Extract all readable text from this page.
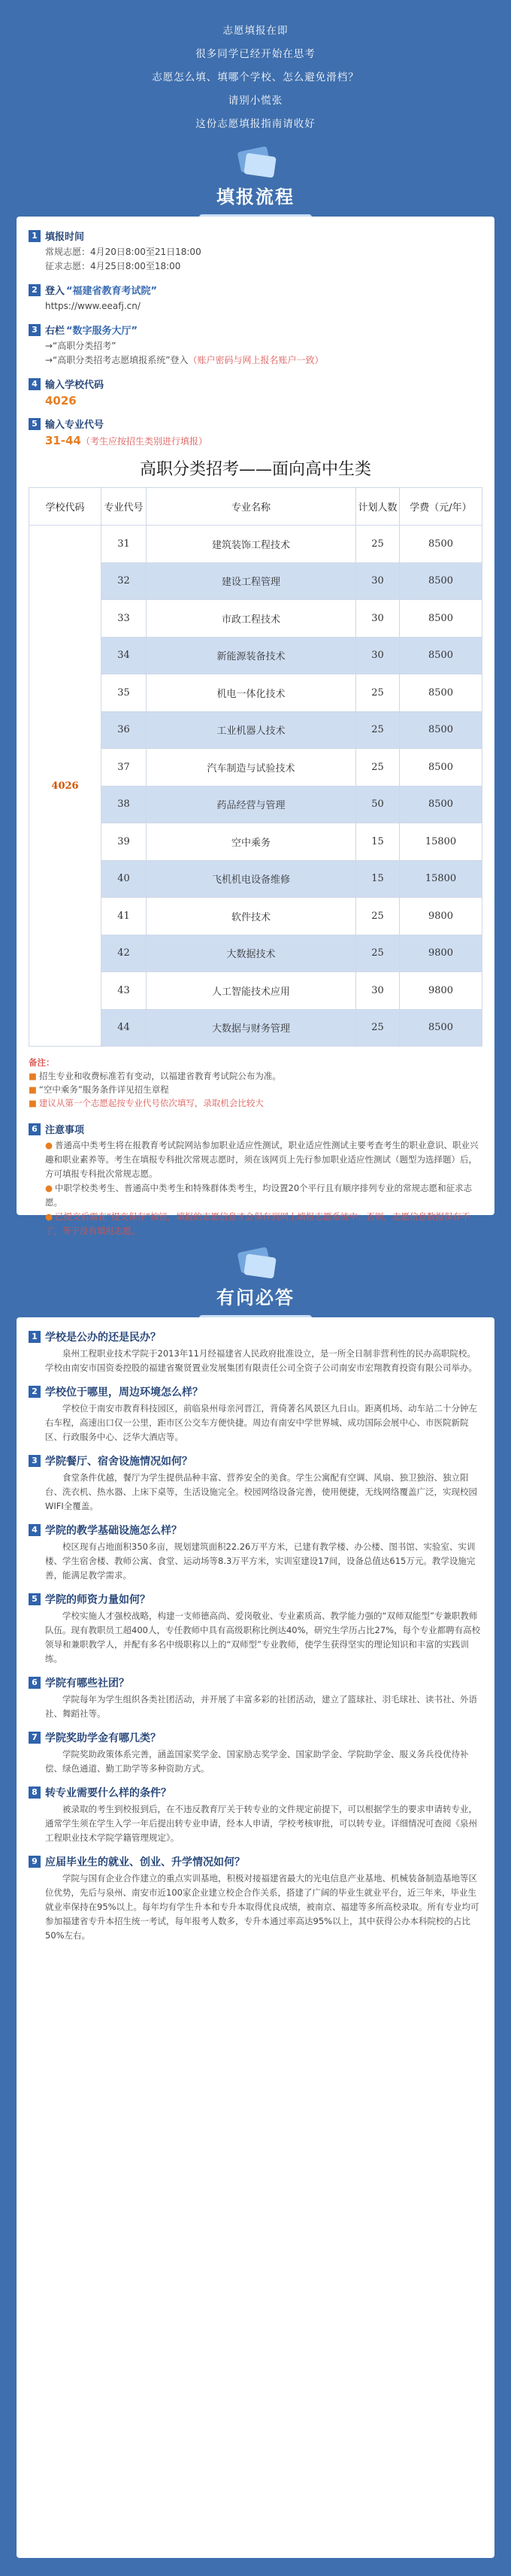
志愿填报在即

很多同学已经开始在思考

志愿怎么填、填哪个学校、怎么避免滑档？

请别小慌张

这份志愿填报指南请收好

填报流程
1 填报时间
常规志愿：4月20日8:00至21日18:00
征求志愿：4月25日8:00至18:00
2 登入 “福建省教育考试院”
https://www.eeafj.cn/
3 右栏 “数字服务大厅”
→“高职分类招考”
→“高职分类招考志愿填报系统”登入（账户密码与网上报名账户一致）
4 输入学校代码
4026
5 输入专业代号
31-44（考生应按招生类别进行填报）
高职分类招考——面向高中生类
学校代码	专业代号	专业名称	计划人数	学费（元/年）
4026	31	建筑装饰工程技术	25	8500
	32	建设工程管理	30	8500
	33	市政工程技术	30	8500
	34	新能源装备技术	30	8500
	35	机电一体化技术	25	8500
	36	工业机器人技术	25	8500
	37	汽车制造与试验技术	25	8500
	38	药品经营与管理	50	8500
	39	空中乘务	15	15800
	40	飞机机电设备维修	15	15800
	41	软件技术	25	9800
	42	大数据技术	25	9800
	43	人工智能技术应用	30	9800
	44	大数据与财务管理	25	8500
备注：
■ 招生专业和收费标准若有变动，以福建省教育考试院公布为准。
■ “空中乘务”服务条件详见招生章程
■ 建议从第一个志愿起按专业代号依次填写，录取机会比较大
6 注意事项
● 普通高中类考生将在报教育考试院网站参加职业适应性测试，职业适应性测试主要考查考生的职业意识、职业兴趣和职业素养等。考生在填报专科批次常规志愿时，须在该网页上先行参加职业适应性测试（题型为选择题）后，方可填报专科批次常规志愿。
● 中职学校类考生、普通高中类考生和特殊群体类考生，均设置20个平行且有顺序排列专业的常规志愿和征求志愿。
● 已提交后需在“提交保存”按钮，填报的志愿信息才会保存到网上填报志愿系统中；否则，志愿信息数据保存不了，等于没有填报志愿。
有问必答
1 学校是公办的还是民办？
泉州工程职业技术学院于2013年11月经福建省人民政府批准设立，是一所全日制非营利性的民办高职院校。学校由南安市国资委控股的福建省聚贤置业发展集团有限责任公司全资子公司南安市宏翔教育投资有限公司举办。
2 学校位于哪里，周边环境怎么样？
学校位于南安市教育科技园区，前临泉州母亲河晋江，背倚著名风景区九日山。距离机场、动车站二十分钟左右车程，高速出口仅一公里，距市区公交车方便快捷。周边有南安中学世界城、成功国际会展中心、市医院新院区、行政服务中心、泛华大酒店等。
3 学院餐厅、宿舍设施情况如何？
食堂条件优越，餐厅为学生提供品种丰富、营养安全的美食。学生公寓配有空调、风扇、独卫独浴、独立阳台、洗衣机、热水器、上床下桌等，生活设施完全。校园网络设备完善，使用便捷，无线网络覆盖广泛，实现校园WIFI全覆盖。
4 学院的教学基础设施怎么样？
校区现有占地面积350多亩，规划建筑面积22.26万平方米，已建有教学楼、办公楼、图书馆、实验室、实训楼、学生宿舍楼、教师公寓、食堂、运动场等8.3万平方米，实训室建设17间，设备总值达615万元。教学设施完善，能满足教学需求。
5 学院的师资力量如何？
学校实施人才强校战略，构建一支师德高尚、爱岗敬业、专业素质高、教学能力强的“双师双能型”专兼职教师队伍。现有教职员工超400人，专任教师中具有高级职称比例达40%，研究生学历占比27%，每个专业都聘有高校领导和兼职教学人，并配有多名中级职称以上的“双师型”专业教师，使学生获得坚实的理论知识和丰富的实践训练。
6 学院有哪些社团？
学院每年为学生组织各类社团活动，并开展了丰富多彩的社团活动，建立了篮球社、羽毛球社、读书社、外语社、舞蹈社等。
7 学院奖助学金有哪几类？
学院奖助政策体系完善，涵盖国家奖学金、国家励志奖学金、国家助学金、学院助学金、服义务兵役优待补偿、绿色通道、勤工助学等多种资助方式。
8 转专业需要什么样的条件？
被录取的考生到校报到后，在不违反教育厅关于转专业的文件规定前提下，可以根据学生的要求申请转专业，通常学生须在学生入学一年后提出转专业申请，经本人申请，学校考核审批，可以转专业。详细情况可查阅《泉州工程职业技术学院学籍管理规定》。
9 应届毕业生的就业、创业、升学情况如何？
学院与国有企业合作建立的重点实训基地，积极对接福建省最大的光电信息产业基地、机械装备制造基地等区位优势，先后与泉州、南安市近100家企业建立校企合作关系，搭建了广阔的毕业生就业平台，近三年来，毕业生就业率保持在95%以上。每年均有学生升本和专升本取得优良成绩，被南京、福建等多所高校录取。所有专业均可参加福建省专升本招生统一考试，每年报考人数多，专升本通过率高达95%以上，其中获得公办本科院校的占比50%左右。
